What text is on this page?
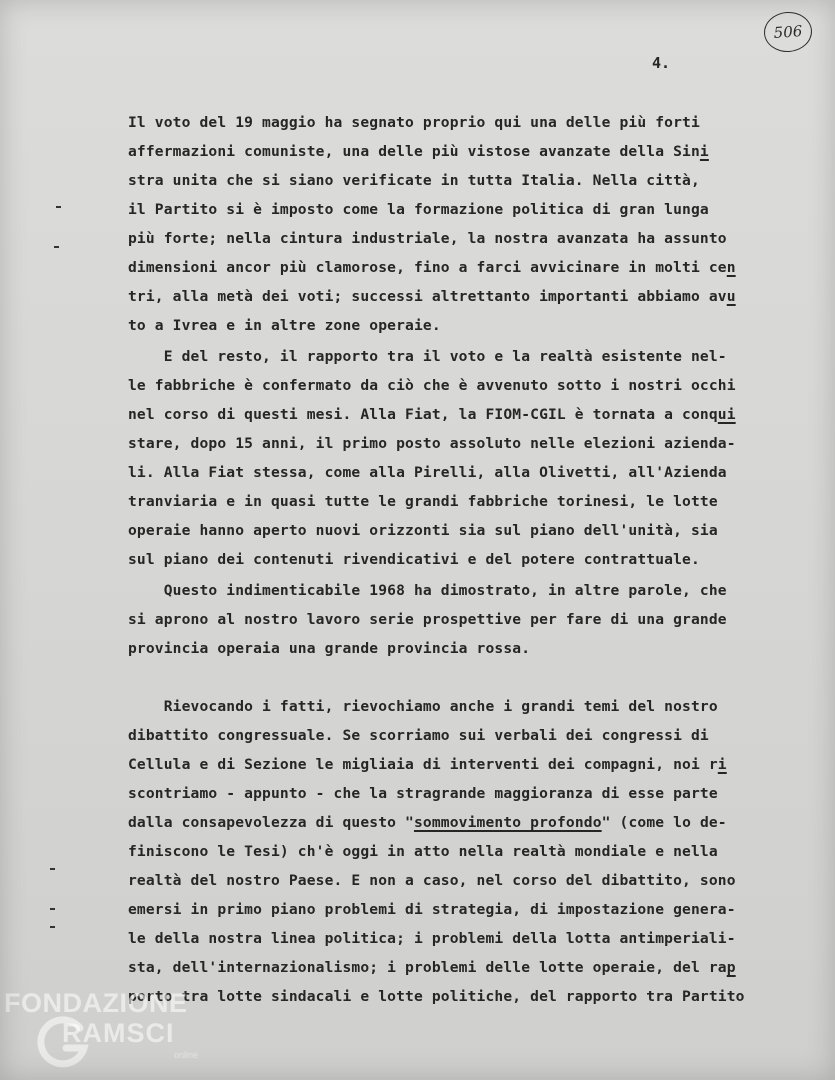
506
4.
Il voto del 19 maggio ha segnato proprio qui una delle più forti
affermazioni comuniste, una delle più vistose avanzate della Sini
stra unita che si siano verificate in tutta Italia. Nella città,
il Partito si è imposto come la formazione politica di gran lunga
più forte; nella cintura industriale, la nostra avanzata ha assunto
dimensioni ancor più clamorose, fino a farci avvicinare in molti cen
tri, alla metà dei voti; successi altrettanto importanti abbiamo avu
to a Ivrea e in altre zone operaie.
E del resto, il rapporto tra il voto e la realtà esistente nel-
le fabbriche è confermato da ciò che è avvenuto sotto i nostri occhi
nel corso di questi mesi. Alla Fiat, la FIOM-CGIL è tornata a conqui
stare, dopo 15 anni, il primo posto assoluto nelle elezioni azienda-
li. Alla Fiat stessa, come alla Pirelli, alla Olivetti, all'Azienda
tranviaria e in quasi tutte le grandi fabbriche torinesi, le lotte
operaie hanno aperto nuovi orizzonti sia sul piano dell'unità, sia
sul piano dei contenuti rivendicativi e del potere contrattuale.
Questo indimenticabile 1968 ha dimostrato, in altre parole, che
si aprono al nostro lavoro serie prospettive per fare di una grande
provincia operaia una grande provincia rossa.
Rievocando i fatti, rievochiamo anche i grandi temi del nostro
dibattito congressuale. Se scorriamo sui verbali dei congressi di
Cellula e di Sezione le migliaia di interventi dei compagni, noi ri
scontriamo - appunto - che la stragrande maggioranza di esse parte
dalla consapevolezza di questo "sommovimento profondo" (come lo de-
finiscono le Tesi) ch'è oggi in atto nella realtà mondiale e nella
realtà del nostro Paese. E non a caso, nel corso del dibattito, sono
emersi in primo piano problemi di strategia, di impostazione genera-
le della nostra linea politica; i problemi della lotta antimperiali-
sta, dell'internazionalismo; i problemi delle lotte operaie, del rap
porto tra lotte sindacali e lotte politiche, del rapporto tra Partito
FONDAZIONE
RAMSCI
online
